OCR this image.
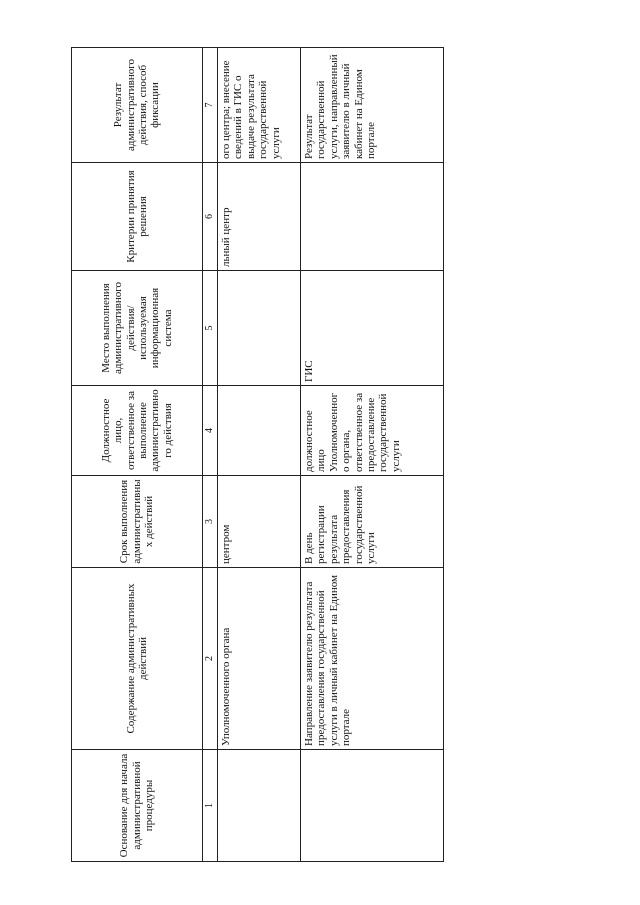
Основание для начала административной процедуры	Содержание административных действий	Срок выполнения административных действий	Должностное лицо, ответственное за выполнение административного действия	Место выполнения административного действия/ используемая информационная система	Критерии принятия решения	Результат административного действия, способ фиксации
1	2	3	4	5	6	7
	Уполномоченного органа	центром			льный центр	ого центра; внесение сведений в ГИС о выдаче результата государственной услуги
	Направление заявителю результата предоставления государственной услуги в личный кабинет на Едином портале	В день регистрации результата предоставления государственной услуги	должностное лицо Уполномоченного органа, ответственное за предоставление государственной услуги	ГИС		Результат государственной услуги, направленный заявителю в личный кабинет на Едином портале
